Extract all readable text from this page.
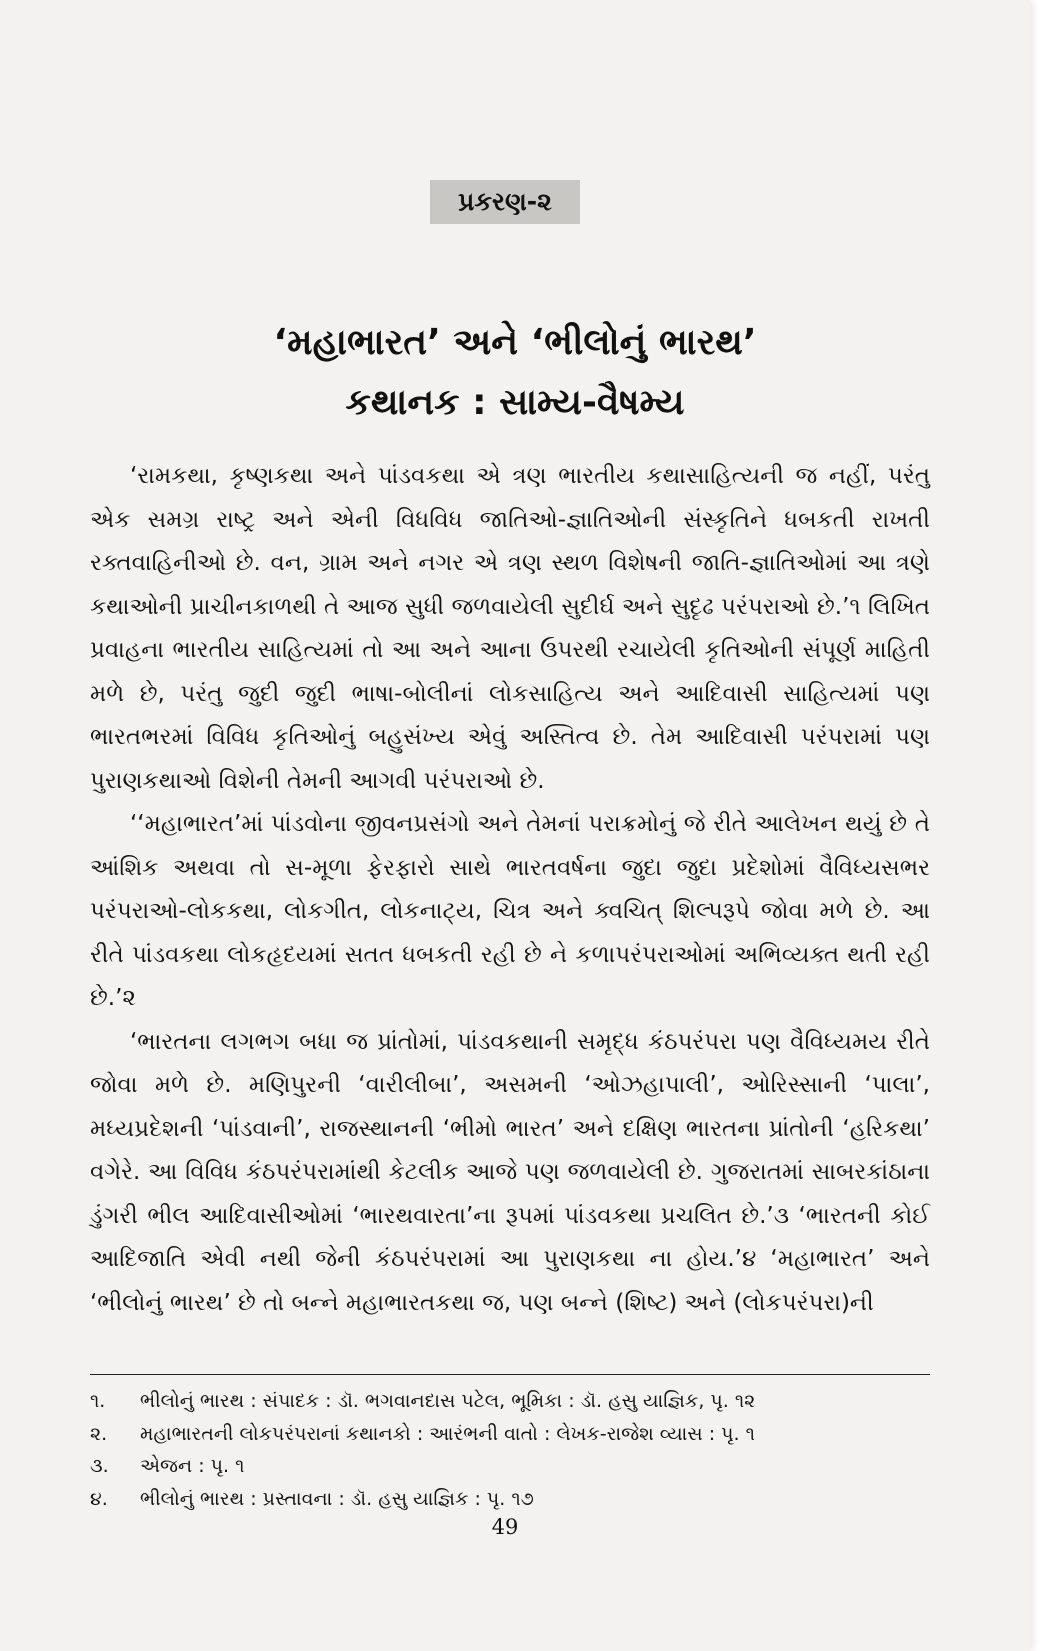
પ્રકરણ-૨
‘મહાભારત’ અને ‘ભીલોનું ભારથ’
કથાનક : સામ્ય-વૈષમ્ય

‘રામકથા, કૃષ્ણકથા અને પાંડવકથા એ ત્રણ ભારતીય કથાસાહિત્યની જ નહીં, પરંતુ એક સમગ્ર રાષ્ટ્ર અને એની વિધવિધ જાતિઓ-જ્ઞાતિઓની સંસ્કૃતિને ધબકતી રાખતી રક્તવાહિનીઓ છે. વન, ગ્રામ અને નગર એ ત્રણ સ્થળ વિશેષની જાતિ-જ્ઞાતિઓમાં આ ત્રણે કથાઓની પ્રાચીનકાળથી તે આજ સુધી જળવાયેલી સુદીર્ઘ અને સુદૃઢ પરંપરાઓ છે.’૧ લિખિત પ્રવાહના ભારતીય સાહિત્યમાં તો આ અને આના ઉપરથી રચાયેલી કૃતિઓની સંપૂર્ણ માહિતી મળે છે, પરંતુ જુદી જુદી ભાષા-બોલીનાં લોકસાહિત્ય અને આદિવાસી સાહિત્યમાં પણ ભારતભરમાં વિવિધ કૃતિઓનું બહુસંખ્ય એવું અસ્તિત્વ છે. તેમ આદિવાસી પરંપરામાં પણ પુરાણકથાઓ વિશેની તેમની આગવી પરંપરાઓ છે.

‘‘મહાભારત’માં પાંડવોના જીવનપ્રસંગો અને તેમનાં પરાક્રમોનું જે રીતે આલેખન થયું છે તે આંશિક અથવા તો સ-મૂળા ફેરફારો સાથે ભારતવર્ષના જુદા જુદા પ્રદેશોમાં વૈવિધ્યસભર પરંપરાઓ-લોકકથા, લોકગીત, લોકનાટ્ય, ચિત્ર અને ક્વચિત્ શિલ્પરૂપે જોવા મળે છે. આ રીતે પાંડવકથા લોકહૃદયમાં સતત ધબકતી રહી છે ને કળાપરંપરાઓમાં અભિવ્યક્ત થતી રહી છે.’૨

‘ભારતના લગભગ બધા જ પ્રાંતોમાં, પાંડવકથાની સમૃદ્ધ કંઠપરંપરા પણ વૈવિધ્યમય રીતે જોવા મળે છે. મણિપુરની ‘વારીલીબા’, અસમની ‘ઓઝહાપાલી’, ઓરિસ્સાની ‘પાલા’, મધ્યપ્રદેશની ‘પાંડવાની’, રાજસ્થાનની ‘ભીમો ભારત’ અને દક્ષિણ ભારતના પ્રાંતોની ‘હરિકથા’ વગેરે. આ વિવિધ કંઠપરંપરામાંથી કેટલીક આજે પણ જળવાયેલી છે. ગુજરાતમાં સાબરકાંઠાના ડુંગરી ભીલ આદિવાસીઓમાં ‘ભારથવારતા’ના રૂપમાં પાંડવકથા પ્રચલિત છે.’૩ ‘ભારતની કોઈ આદિજાતિ એવી નથી જેની કંઠપરંપરામાં આ પુરાણકથા ના હોય.’૪ ‘મહાભારત’ અને ‘ભીલોનું ભારથ’ છે તો બન્ને મહાભારતકથા જ, પણ બન્ને (શિષ્ટ) અને (લોકપરંપરા)ની

૧.	ભીલોનું ભારથ : સંપાદક : ડૉ. ભગવાનદાસ પટેલ, ભૂમિકા : ડૉ. હસુ યાજ્ઞિક, પૃ. ૧૨
૨.	મહાભારતની લોકપરંપરાનાં કથાનકો : આરંભની વાતો : લેખક-રાજેશ વ્યાસ : પૃ. ૧
૩.	એજન : પૃ. ૧
૪.	ભીલોનું ભારથ : પ્રસ્તાવના : ડૉ. હસુ યાજ્ઞિક : પૃ. ૧૭
49
